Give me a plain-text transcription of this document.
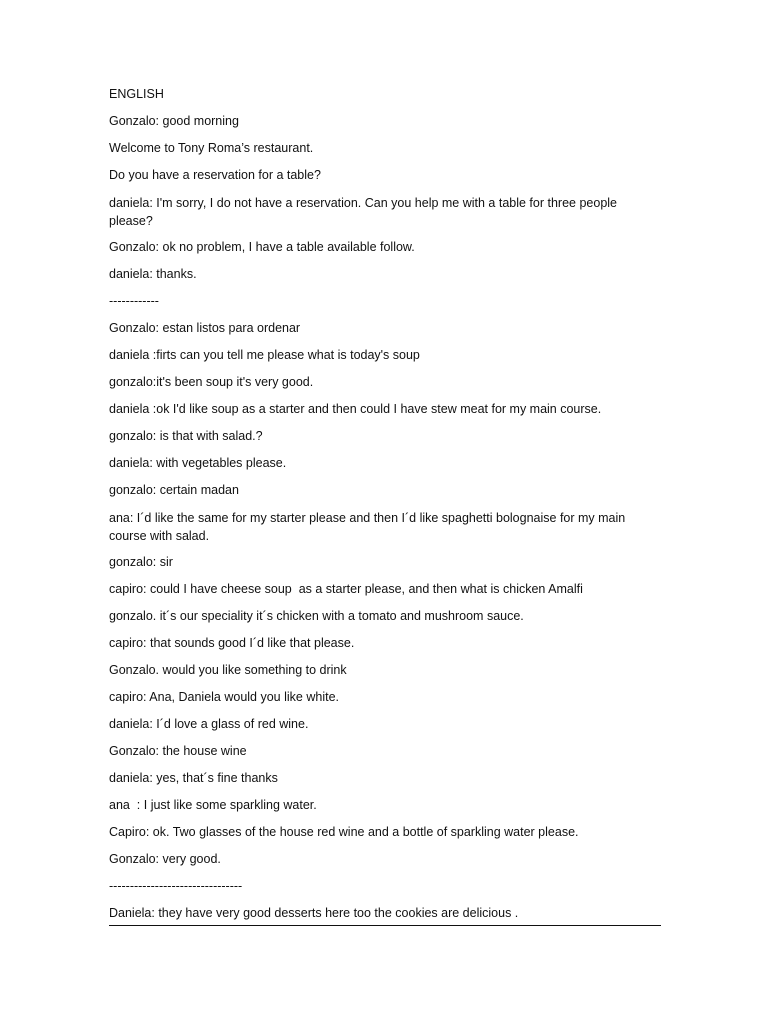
ENGLISH
Gonzalo: good morning
Welcome to Tony Roma’s restaurant.
Do you have a reservation for a table?
daniela: I'm sorry, I do not have a reservation. Can you help me with a table for three people please?
Gonzalo: ok no problem, I have a table available follow.
daniela: thanks.
------------
Gonzalo: estan listos para ordenar
daniela :firts can you tell me please what is today's soup
gonzalo:it's been soup it's very good.
daniela :ok I'd like soup as a starter and then could I have stew meat for my main course.
gonzalo: is that with salad.?
daniela: with vegetables please.
gonzalo: certain madan
ana: I´d like the same for my starter please and then I´d like spaghetti bolognaise for my main course with salad.
gonzalo: sir
capiro: could I have cheese soup  as a starter please, and then what is chicken Amalfi
gonzalo. it´s our speciality it´s chicken with a tomato and mushroom sauce.
capiro: that sounds good I´d like that please.
Gonzalo. would you like something to drink
capiro: Ana, Daniela would you like white.
daniela: I´d love a glass of red wine.
Gonzalo: the house wine
daniela: yes, that´s fine thanks
ana  : I just like some sparkling water.
Capiro: ok. Two glasses of the house red wine and a bottle of sparkling water please.
Gonzalo: very good.
--------------------------------
Daniela: they have very good desserts here too the cookies are delicious .
